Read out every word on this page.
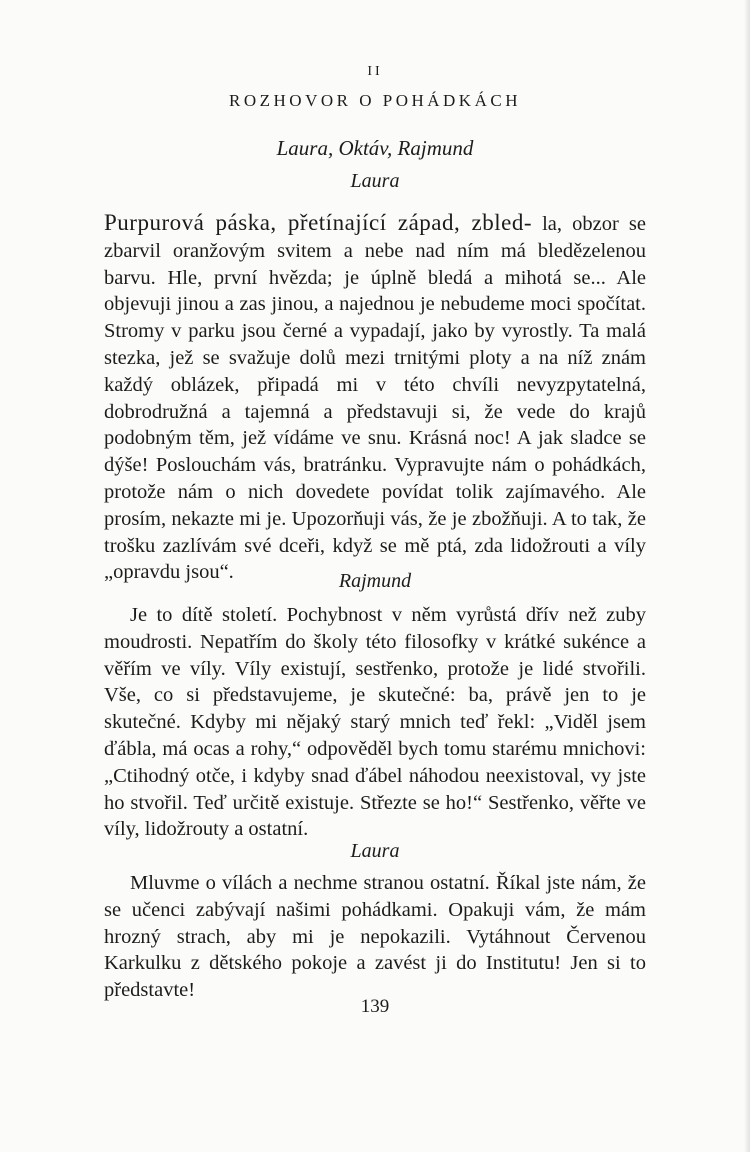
II
ROZHOVOR O POHÁDKÁCH
Laura, Oktáv, Rajmund
Laura

Purpurová páska, přetínající západ, zbled- la, obzor se zbarvil oranžovým svitem a nebe nad ním má bledězelenou barvu. Hle, první hvězda; je úplně bledá a mihotá se... Ale objevuji jinou a zas jinou, a najednou je nebudeme moci spočítat. Stromy v parku jsou černé a vypadají, jako by vyrostly. Ta malá stezka, jež se svažuje dolů mezi trnitými ploty a na níž znám každý oblázek, připadá mi v této chvíli nevyzpytatelná, dobrodružná a tajemná a představuji si, že vede do krajů podobným těm, jež vídáme ve snu. Krásná noc! A jak sladce se dýše! Poslouchám vás, bratránku. Vypravujte nám o pohádkách, protože nám o nich dovedete povídat tolik zajímavého. Ale prosím, nekazte mi je. Upozorňuji vás, že je zbožňuji. A to tak, že trošku zazlívám své dceři, když se mě ptá, zda lidožrouti a víly „opravdu jsou“.	Rajmund

Je to dítě století. Pochybnost v něm vyrůstá dřív než zuby moudrosti. Nepatřím do školy této filosofky v krátké sukénce a věřím ve víly. Víly existují, sestřenko, protože je lidé stvořili. Vše, co si představujeme, je skutečné: ba, právě jen to je skutečné. Kdyby mi nějaký starý mnich teď řekl: „Viděl jsem ďábla, má ocas a rohy,“ odpověděl bych tomu starému mnichovi: „Ctihodný otče, i kdyby snad ďábel náhodou neexistoval, vy jste ho stvořil. Teď určitě existuje. Střezte se ho!“ Sestřenko, věřte ve víly, lidožrouty a ostatní.

Laura

Mluvme o vílách a nechme stranou ostatní. Říkal jste nám, že se učenci zabývají našimi pohádkami. Opakuji vám, že mám hrozný strach, aby mi je nepokazili. Vytáhnout Červenou Karkulku z dětského pokoje a zavést ji do Institutu! Jen si to představte!

139
